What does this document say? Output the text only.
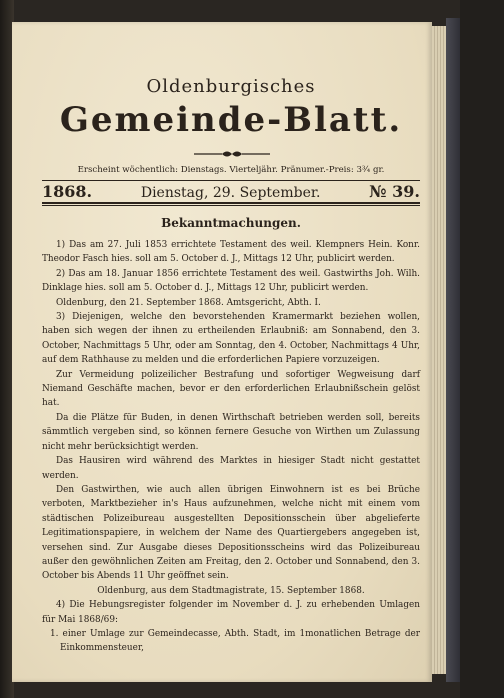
Oldenburgisches
Gemeinde-Blatt.
Erscheint wöchentlich: Dienstags. Vierteljähr. Pränumer.-Preis: 3¾ gr.
1868.	Dienstag, 29. September.	№ 39.
Bekanntmachungen.

1) Das am 27. Juli 1853 errichtete Testament des weil. Klempners Hein. Konr. Theodor Fasch hies. soll am 5. October d. J., Mittags 12 Uhr, publicirt werden.

2) Das am 18. Januar 1856 errichtete Testament des weil. Gastwirths Joh. Wilh. Dinklage hies. soll am 5. October d. J., Mittags 12 Uhr, publicirt werden.

Oldenburg, den 21. September 1868. Amtsgericht, Abth. I.

3) Diejenigen, welche den bevorstehenden Kramermarkt beziehen wollen, haben sich wegen der ihnen zu ertheilenden Erlaubniß: am Sonnabend, den 3. October, Nachmittags 5 Uhr, oder am Sonntag, den 4. October, Nachmittags 4 Uhr, auf dem Rathhause zu melden und die erforderlichen Papiere vorzuzeigen.

Zur Vermeidung polizeilicher Bestrafung und sofortiger Wegweisung darf Niemand Geschäfte machen, bevor er den erforderlichen Erlaubnißschein gelöst hat.

Da die Plätze für Buden, in denen Wirthschaft betrieben werden soll, bereits sämmtlich vergeben sind, so können fernere Gesuche von Wirthen um Zulassung nicht mehr berücksichtigt werden.

Das Hausiren wird während des Marktes in hiesiger Stadt nicht gestattet werden.

Den Gastwirthen, wie auch allen übrigen Einwohnern ist es bei Brüche verboten, Marktbezieher in's Haus aufzunehmen, welche nicht mit einem vom städtischen Polizeibureau ausgestellten Depositionsschein über abgelieferte Legitimationspapiere, in welchem der Name des Quartiergebers angegeben ist, versehen sind. Zur Ausgabe dieses Depositionsscheins wird das Polizeibureau außer den gewöhnlichen Zeiten am Freitag, den 2. October und Sonnabend, den 3. October bis Abends 11 Uhr geöffnet sein.

Oldenburg, aus dem Stadtmagistrate, 15. September 1868.

4) Die Hebungsregister folgender im November d. J. zu erhebenden Umlagen für Mai 1868/69:

1. einer Umlage zur Gemeindecasse, Abth. Stadt, im 1monatlichen Betrage der Einkommensteuer,
